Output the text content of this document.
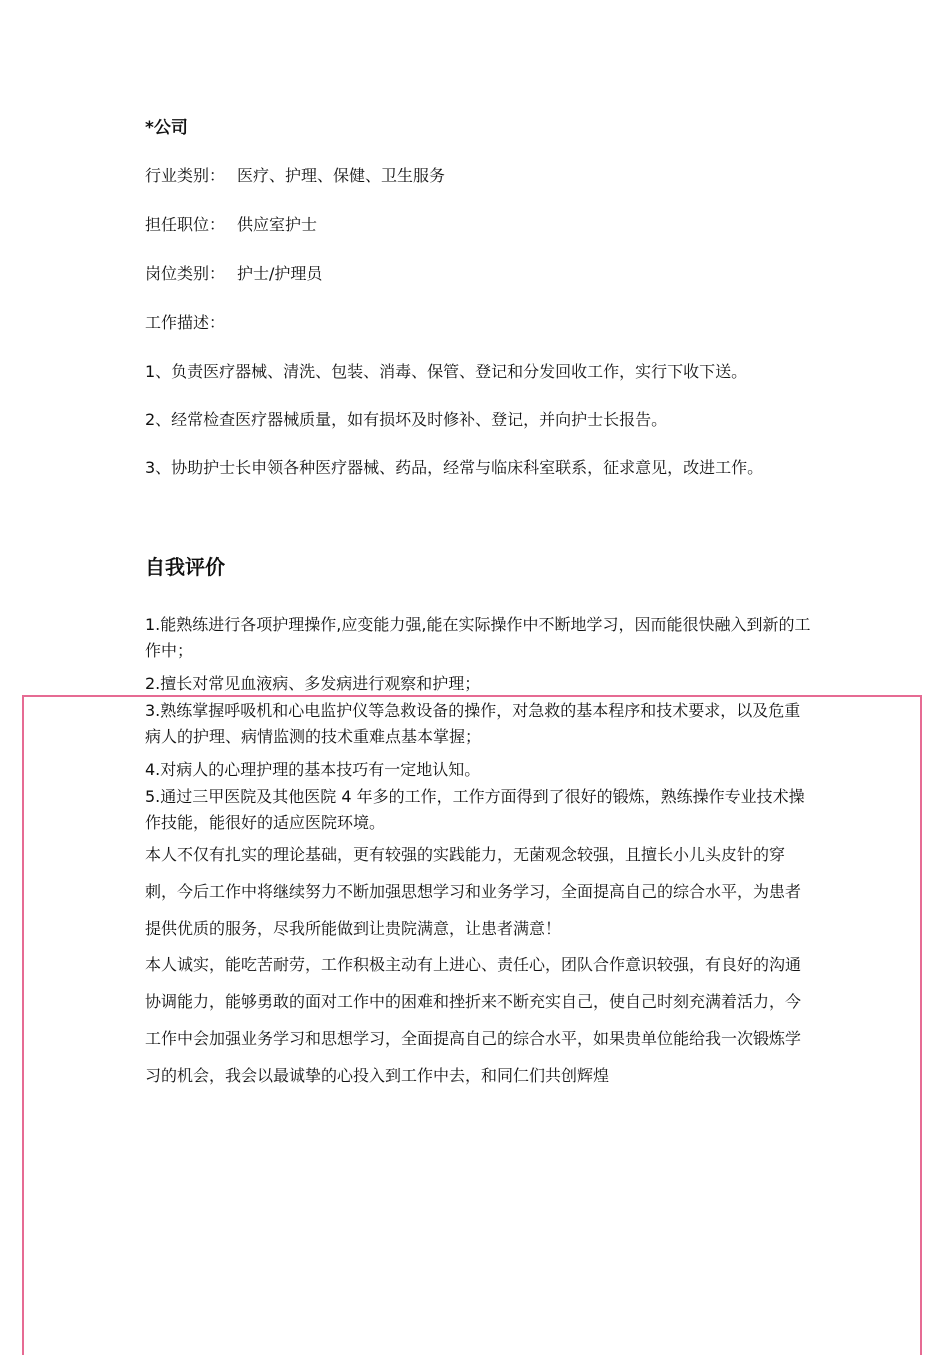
*公司

行业类别： 医疗、护理、保健、卫生服务

担任职位： 供应室护士

岗位类别： 护士/护理员

工作描述：

1、负责医疗器械、清洗、包装、消毒、保管、登记和分发回收工作，实行下收下送。

2、经常检查医疗器械质量，如有损坏及时修补、登记，并向护士长报告。

3、协助护士长申领各种医疗器械、药品，经常与临床科室联系，征求意见，改进工作。

自我评价

1.能熟练进行各项护理操作,应变能力强,能在实际操作中不断地学习，因而能很快融入到新的工作中；

2.擅长对常见血液病、多发病进行观察和护理；

3.熟练掌握呼吸机和心电监护仪等急救设备的操作，对急救的基本程序和技术要求，以及危重病人的护理、病情监测的技术重难点基本掌握；

4.对病人的心理护理的基本技巧有一定地认知。

5.通过三甲医院及其他医院 4 年多的工作，工作方面得到了很好的锻炼，熟练操作专业技术操作技能，能很好的适应医院环境。

本人不仅有扎实的理论基础，更有较强的实践能力，无菌观念较强，且擅长小儿头皮针的穿刺，今后工作中将继续努力不断加强思想学习和业务学习，全面提高自己的综合水平，为患者提供优质的服务，尽我所能做到让贵院满意，让患者满意！

本人诚实，能吃苦耐劳，工作积极主动有上进心、责任心，团队合作意识较强，有良好的沟通协调能力，能够勇敢的面对工作中的困难和挫折来不断充实自己，使自己时刻充满着活力，今工作中会加强业务学习和思想学习，全面提高自己的综合水平，如果贵单位能给我一次锻炼学习的机会，我会以最诚挚的心投入到工作中去，和同仁们共创辉煌
